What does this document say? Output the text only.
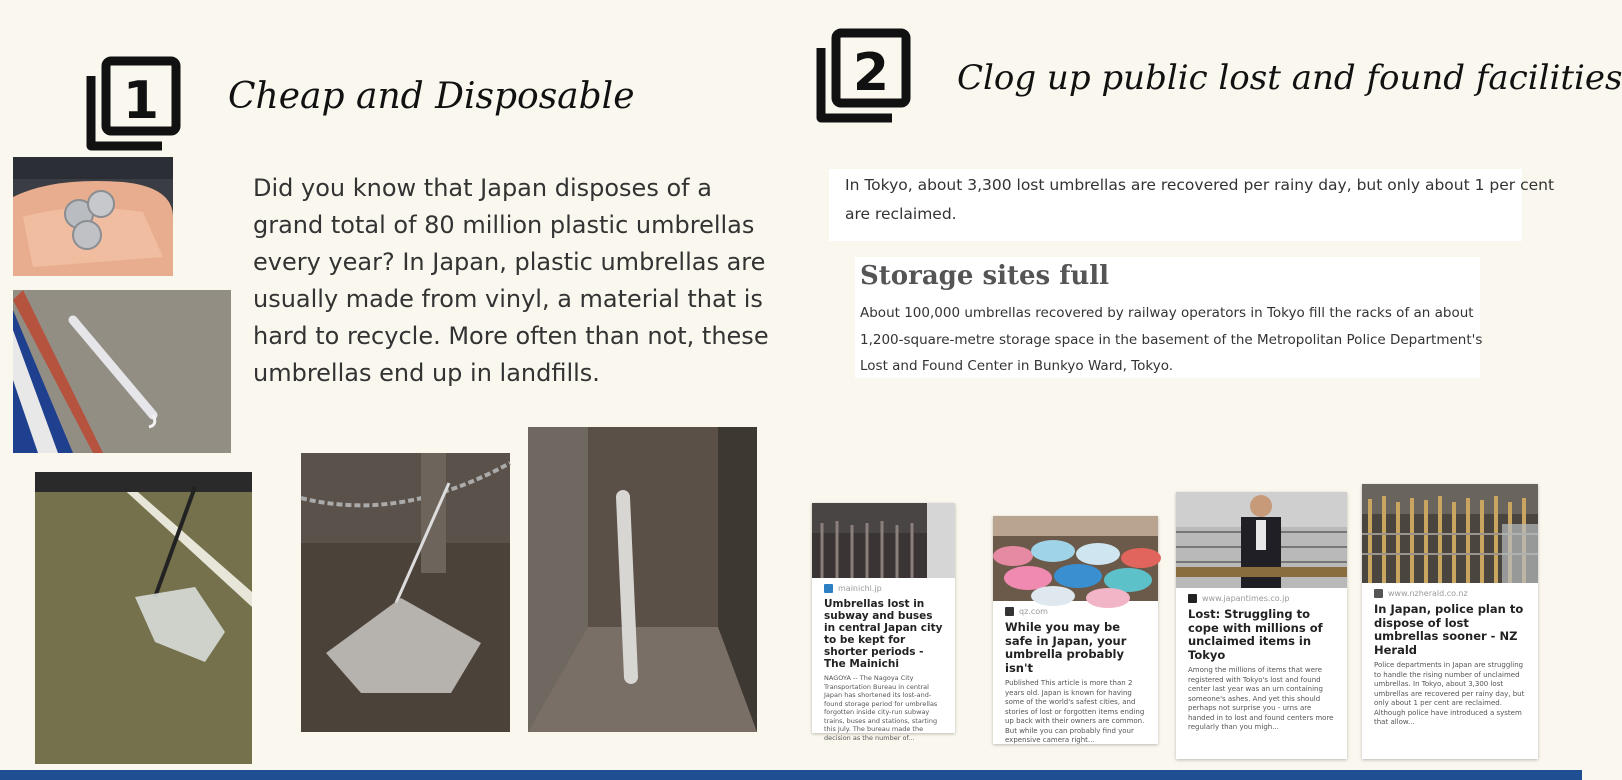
1 Cheap and Disposable
Did you know that Japan disposes of a
grand total of 80 million plastic umbrellas
every year? In Japan, plastic umbrellas are
usually made from vinyl, a material that is
hard to recycle. More often than not, these
umbrellas end up in landfills.
2 Clog up public lost and found facilities

In Tokyo, about 3,300 lost umbrellas are recovered per rainy day, but only about 1 per cent
are reclaimed.

Storage sites full

About 100,000 umbrellas recovered by railway operators in Tokyo fill the racks of an about
1,200-square-metre storage space in the basement of the Metropolitan Police Department's
Lost and Found Center in Bunkyo Ward, Tokyo.

mainichi.jp
Umbrellas lost in subway and buses in central Japan city to be kept for shorter periods - The Mainichi
NAGOYA -- The Nagoya City Transportation Bureau in central Japan has shortened its lost-and-found storage period for umbrellas forgotten inside city-run subway trains, buses and stations, starting this July. The bureau made the decision as the number of...
qz.com
While you may be safe in Japan, your umbrella probably isn't
Published This article is more than 2 years old. Japan is known for having some of the world's safest cities, and stories of lost or forgotten items ending up back with their owners are common. But while you can probably find your expensive camera right...
www.japantimes.co.jp
Lost: Struggling to cope with millions of unclaimed items in Tokyo
Among the millions of items that were registered with Tokyo's lost and found center last year was an urn containing someone's ashes. And yet this should perhaps not surprise you - urns are handed in to lost and found centers more regularly than you migh...
www.nzherald.co.nz
In Japan, police plan to dispose of lost umbrellas sooner - NZ Herald
Police departments in Japan are struggling to handle the rising number of unclaimed umbrellas. In Tokyo, about 3,300 lost umbrellas are recovered per rainy day, but only about 1 per cent are reclaimed. Although police have introduced a system that allow...
